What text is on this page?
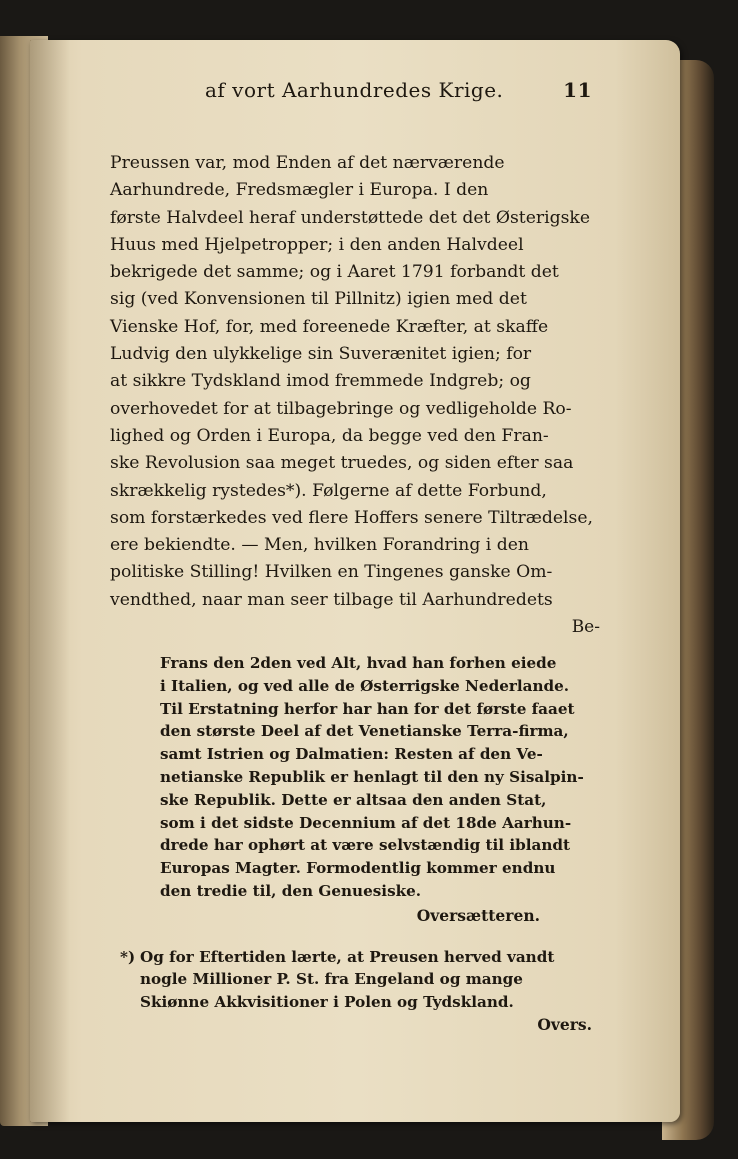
af vort Aarhundredes Krige.	11
Preussen var, mod Enden af det nærværende
Aarhundrede, Fredsmægler i Europa. I den
første Halvdeel heraf understøttede det det Østerigske
Huus med Hjelpetropper; i den anden Halvdeel
bekrigede det samme; og i Aaret 1791 forbandt det
sig (ved Konvensionen til Pillnitz) igien med det
Vienske Hof, for, med foreenede Kræfter, at skaffe
Ludvig den ulykkelige sin Suverænitet igien; for
at sikkre Tydskland imod fremmede Indgreb; og
overhovedet for at tilbagebringe og vedligeholde Ro-
lighed og Orden i Europa, da begge ved den Fran-
ske Revolusion saa meget truedes, og siden efter saa
skrækkelig rystedes*). Følgerne af dette Forbund,
som forstærkedes ved flere Hoffers senere Tiltrædelse,
ere bekiendte. — Men, hvilken Forandring i den
politiske Stilling! Hvilken en Tingenes ganske Om-
vendthed, naar man seer tilbage til Aarhundredets
Be-
Frans den 2den ved Alt, hvad han forhen eiede
i Italien, og ved alle de Østerrigske Nederlande.
Til Erstatning herfor har han for det første faaet
den største Deel af det Venetianske Terra-firma,
samt Istrien og Dalmatien: Resten af den Ve-
netianske Republik er henlagt til den ny Sisalpin-
ske Republik. Dette er altsaa den anden Stat,
som i det sidste Decennium af det 18de Aarhun-
drede har ophørt at være selvstændig til iblandt
Europas Magter. Formodentlig kommer endnu
den tredie til, den Genuesiske.
Oversætteren.
*) Og for Eftertiden lærte, at Preusen herved vandt
nogle Millioner P. St. fra Engeland og mange
Skiønne Akkvisitioner i Polen og Tydskland.
Overs.
